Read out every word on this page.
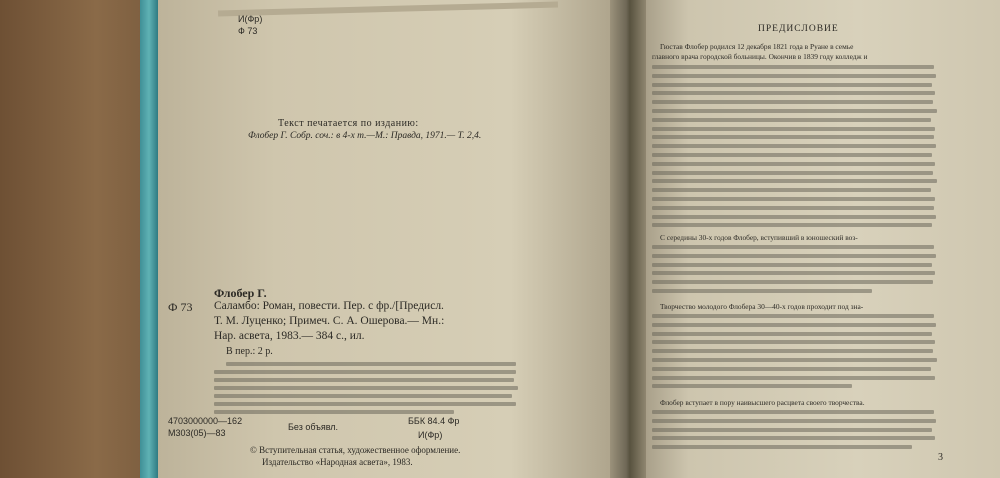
И(Фр)
Ф 73
Текст печатается по изданию:
Флобер Г. Собр. соч.: в 4-х т.—М.: Правда, 1971.— Т. 2,4.
Флобер Г.
Ф 73 Саламбо: Роман, повести. Пер. с фр./[Предисл.
Т. М. Луценко; Примеч. С. А. Ошерова.— Мн.:
Нар. асвета, 1983.— 384 с., ил.
В пер.: 2 р.
4703000000—162	ББК 84.4 Фр
М303(05)—83
Без объявл.
И(Фр)
© Вступительная статья, художественное оформление.
Издательство «Народная асвета», 1983.
ПРЕДИСЛОВИЕ
Гюстав Флобер родился 12 декабря 1821 года в Руане в семье
главного врача городской больницы. Окончив в 1839 году колледж и
С середины 30-х годов Флобер, вступивший в юношеский воз-
Творчество молодого Флобера 30—40-х годов проходит под зна-
Флобер вступает в пору наивысшего расцвета своего творчества.
3
